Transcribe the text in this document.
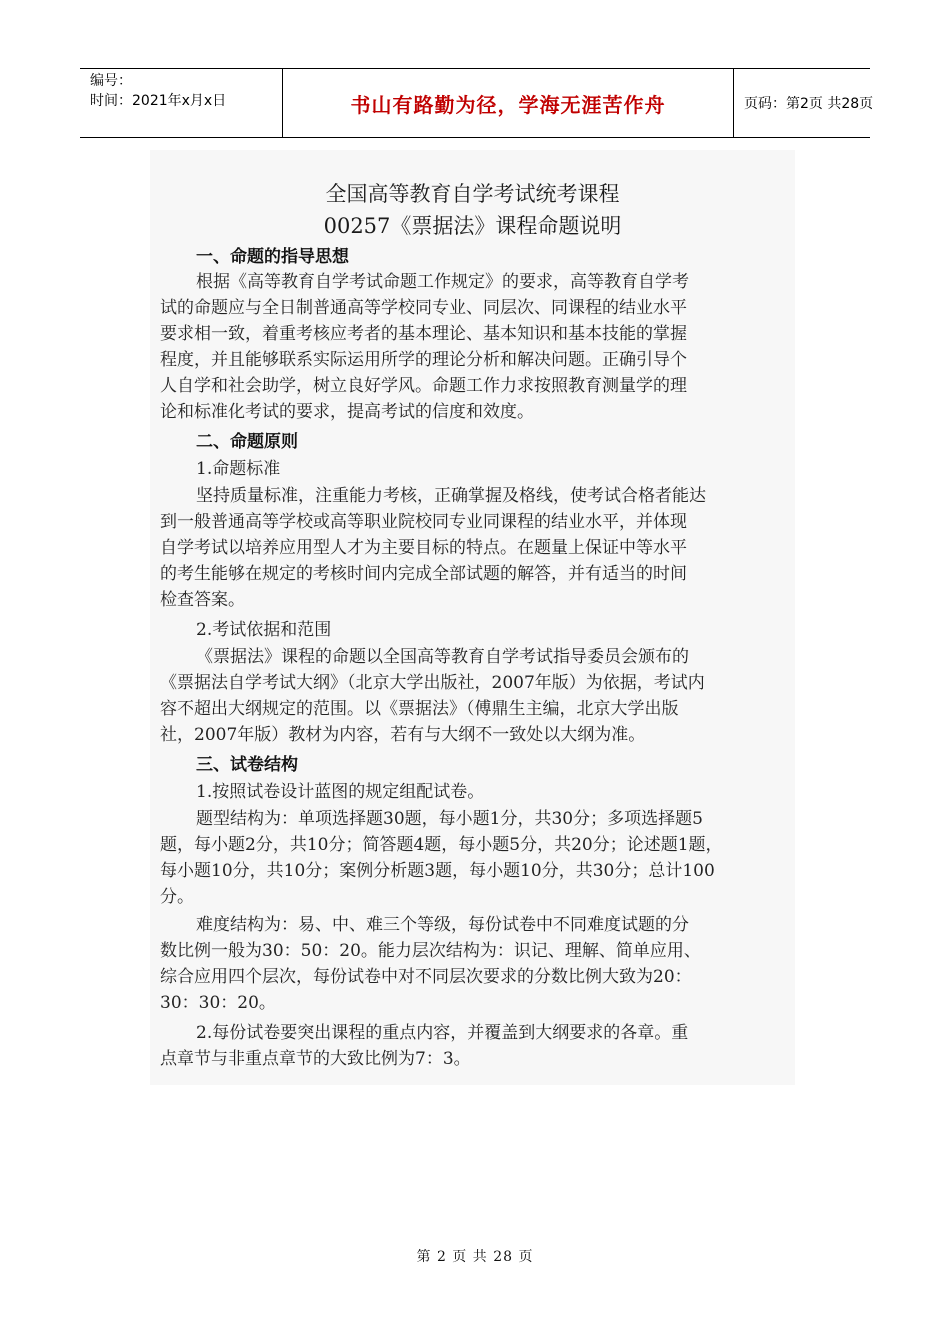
编号：
时间：2021年x月x日	书山有路勤为径，学海无涯苦作舟	页码：第2页 共28页
全国高等教育自学考试统考课程
00257《票据法》课程命题说明
一、命题的指导思想
根据《高等教育自学考试命题工作规定》的要求，高等教育自学考
试的命题应与全日制普通高等学校同专业、同层次、同课程的结业水平
要求相一致，着重考核应考者的基本理论、基本知识和基本技能的掌握
程度，并且能够联系实际运用所学的理论分析和解决问题。正确引导个
人自学和社会助学，树立良好学风。命题工作力求按照教育测量学的理
论和标准化考试的要求，提高考试的信度和效度。
二、命题原则
1.命题标准
坚持质量标准，注重能力考核，正确掌握及格线，使考试合格者能达
到一般普通高等学校或高等职业院校同专业同课程的结业水平，并体现
自学考试以培养应用型人才为主要目标的特点。在题量上保证中等水平
的考生能够在规定的考核时间内完成全部试题的解答，并有适当的时间
检查答案。
2.考试依据和范围
《票据法》课程的命题以全国高等教育自学考试指导委员会颁布的
《票据法自学考试大纲》（北京大学出版社，2007年版）为依据，考试内
容不超出大纲规定的范围。以《票据法》（傅鼎生主编，北京大学出版
社，2007年版）教材为内容，若有与大纲不一致处以大纲为准。
三、试卷结构
1.按照试卷设计蓝图的规定组配试卷。
题型结构为：单项选择题30题，每小题1分，共30分；多项选择题5
题，每小题2分，共10分；简答题4题，每小题5分，共20分；论述题1题，
每小题10分，共10分；案例分析题3题，每小题10分，共30分；总计100
分。
难度结构为：易、中、难三个等级，每份试卷中不同难度试题的分
数比例一般为30：50：20。能力层次结构为：识记、理解、简单应用、
综合应用四个层次，每份试卷中对不同层次要求的分数比例大致为20：
30：30：20。
2.每份试卷要突出课程的重点内容，并覆盖到大纲要求的各章。重
点章节与非重点章节的大致比例为7：3。
第 2 页 共 28 页
